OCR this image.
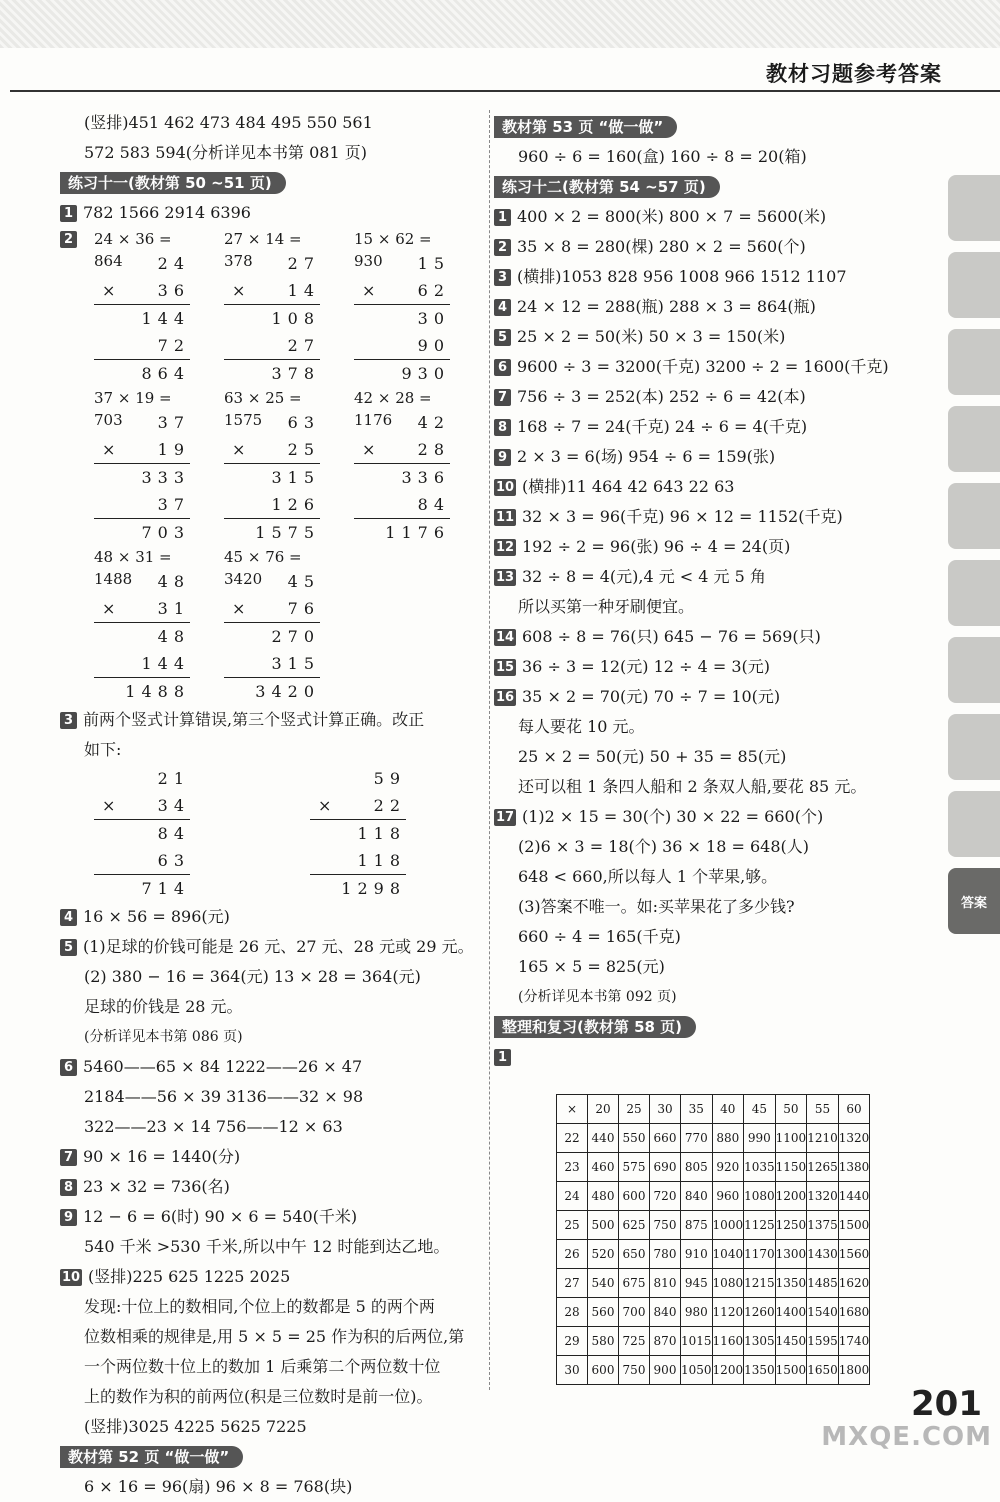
教材习题参考答案
(竖排)451 462 473 484 495 550 561
572 583 594(分析详见本书第 081 页)
练习十一(教材第 50 ~51 页)
1 782 1566 2914 6396
2 24 × 36 = 864	24
×	36
144
72
864
27 × 14 = 378	27
×	14
108
27
378
15 × 62 = 930	15
×	62
30
90
930
37 × 19 = 703	37
×	19
333
37
703
63 × 25 = 1575	63
×	25
315
126
1575
42 × 28 = 1176	42
×	28
336
84
1176
48 × 31 = 1488	48
×	31
48
144
1488
45 × 76 = 3420	45
×	76
270
315
3420
3 前两个竖式计算错误,第三个竖式计算正确。改正
如下:
21
×	34
84
63
714
59
×	22
118
118
1298
4 16 × 56 = 896(元)
5 (1)足球的价钱可能是 26 元、27 元、28 元或 29 元。
(2) 380 − 16 = 364(元) 13 × 28 = 364(元)
足球的价钱是 28 元。
(分析详见本书第 086 页)
6 5460——65 × 84 1222——26 × 47
2184——56 × 39 3136——32 × 98
322——23 × 14 756——12 × 63
7 90 × 16 = 1440(分)
8 23 × 32 = 736(名)
9 12 − 6 = 6(时) 90 × 6 = 540(千米)
540 千米 >530 千米,所以中午 12 时能到达乙地。
10 (竖排)225 625 1225 2025
发现:十位上的数相同,个位上的数都是 5 的两个两
位数相乘的规律是,用 5 × 5 = 25 作为积的后两位,第
一个两位数十位上的数加 1 后乘第二个两位数十位
上的数作为积的前两位(积是三位数时是前一位)。
(竖排)3025 4225 5625 7225
教材第 52 页 “做一做”
6 × 16 = 96(扇) 96 × 8 = 768(块)
教材第 53 页 “做一做”
960 ÷ 6 = 160(盒) 160 ÷ 8 = 20(箱)
练习十二(教材第 54 ~57 页)
1 400 × 2 = 800(米) 800 × 7 = 5600(米)
2 35 × 8 = 280(棵) 280 × 2 = 560(个)
3 (横排)1053 828 956 1008 966 1512 1107
4 24 × 12 = 288(瓶) 288 × 3 = 864(瓶)
5 25 × 2 = 50(米) 50 × 3 = 150(米)
6 9600 ÷ 3 = 3200(千克) 3200 ÷ 2 = 1600(千克)
7 756 ÷ 3 = 252(本) 252 ÷ 6 = 42(本)
8 168 ÷ 7 = 24(千克) 24 ÷ 6 = 4(千克)
9 2 × 3 = 6(场) 954 ÷ 6 = 159(张)
10 (横排)11 464 42 643 22 63
11 32 × 3 = 96(千克) 96 × 12 = 1152(千克)
12 192 ÷ 2 = 96(张) 96 ÷ 4 = 24(页)
13 32 ÷ 8 = 4(元),4 元 < 4 元 5 角
所以买第一种牙刷便宜。
14 608 ÷ 8 = 76(只) 645 − 76 = 569(只)
15 36 ÷ 3 = 12(元) 12 ÷ 4 = 3(元)
16 35 × 2 = 70(元) 70 ÷ 7 = 10(元)
每人要花 10 元。
25 × 2 = 50(元) 50 + 35 = 85(元)
还可以租 1 条四人船和 2 条双人船,要花 85 元。
17 (1)2 × 15 = 30(个) 30 × 22 = 660(个)
(2)6 × 3 = 18(个) 36 × 18 = 648(人)
648 < 660,所以每人 1 个苹果,够。
(3)答案不唯一。如:买苹果花了多少钱?
660 ÷ 4 = 165(千克)
165 × 5 = 825(元)
(分析详见本书第 092 页)
整理和复习(教材第 58 页)
1
×	20	25	30	35	40	45	50	55	60
22	440	550	660	770	880	990	1100	1210	1320
23	460	575	690	805	920	1035	1150	1265	1380
24	480	600	720	840	960	1080	1200	1320	1440
25	500	625	750	875	1000	1125	1250	1375	1500
26	520	650	780	910	1040	1170	1300	1430	1560
27	540	675	810	945	1080	1215	1350	1485	1620
28	560	700	840	980	1120	1260	1400	1540	1680
29	580	725	870	1015	1160	1305	1450	1595	1740
30	600	750	900	1050	1200	1350	1500	1650	1800
答案
201
MXQE.COM
